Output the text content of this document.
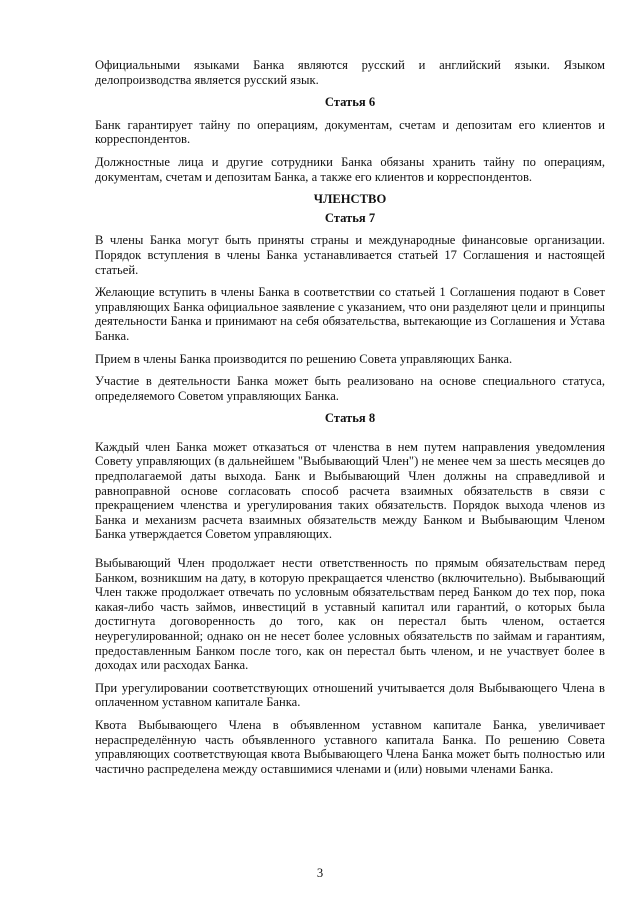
Официальными языками Банка являются русский и английский языки. Языком делопроизводства является русский язык.

Статья 6

Банк гарантирует тайну по операциям, документам, счетам и депозитам его клиентов и корреспондентов.

Должностные лица и другие сотрудники Банка обязаны хранить тайну по операциям, документам, счетам и депозитам Банка, а также его клиентов и корреспондентов.

ЧЛЕНСТВО
Статья 7

В члены Банка могут быть приняты страны и международные финансовые организации. Порядок вступления в члены Банка устанавливается статьей 17 Соглашения и настоящей статьей.

Желающие вступить в члены Банка в соответствии со статьей 1 Соглашения подают в Совет управляющих Банка официальное заявление с указанием, что они разделяют цели и принципы деятельности Банка и принимают на себя обязательства, вытекающие из Соглашения и Устава Банка.

Прием в члены Банка производится по решению Совета управляющих Банка.

Участие в деятельности Банка может быть реализовано на основе специального статуса, определяемого Советом управляющих Банка.

Статья 8

Каждый член Банка может отказаться от членства в нем путем направления уведомления Совету управляющих (в дальнейшем "Выбывающий Член") не менее чем за шесть месяцев до предполагаемой даты выхода. Банк и Выбывающий Член должны на справедливой и равноправной основе согласовать способ расчета взаимных обязательств в связи с прекращением членства и урегулирования таких обязательств. Порядок выхода членов из Банка и механизм расчета взаимных обязательств между Банком и Выбывающим Членом Банка утверждается Советом управляющих.

Выбывающий Член продолжает нести ответственность по прямым обязательствам перед Банком, возникшим на дату, в которую прекращается членство (включительно). Выбывающий Член также продолжает отвечать по условным обязательствам перед Банком до тех пор, пока какая-либо часть займов, инвестиций в уставный капитал или гарантий, о которых была достигнута договоренность до того, как он перестал быть членом, остается неурегулированной; однако он не несет более условных обязательств по займам и гарантиям, предоставленным Банком после того, как он перестал быть членом, и не участвует более в доходах или расходах Банка.

При урегулировании соответствующих отношений учитывается доля Выбывающего Члена в оплаченном уставном капитале Банка.

Квота Выбывающего Члена в объявленном уставном капитале Банка, увеличивает нераспределённую часть объявленного уставного капитала Банка. По решению Совета управляющих соответствующая квота Выбывающего Члена Банка может быть полностью или частично распределена между оставшимися членами и (или) новыми членами Банка.

3
